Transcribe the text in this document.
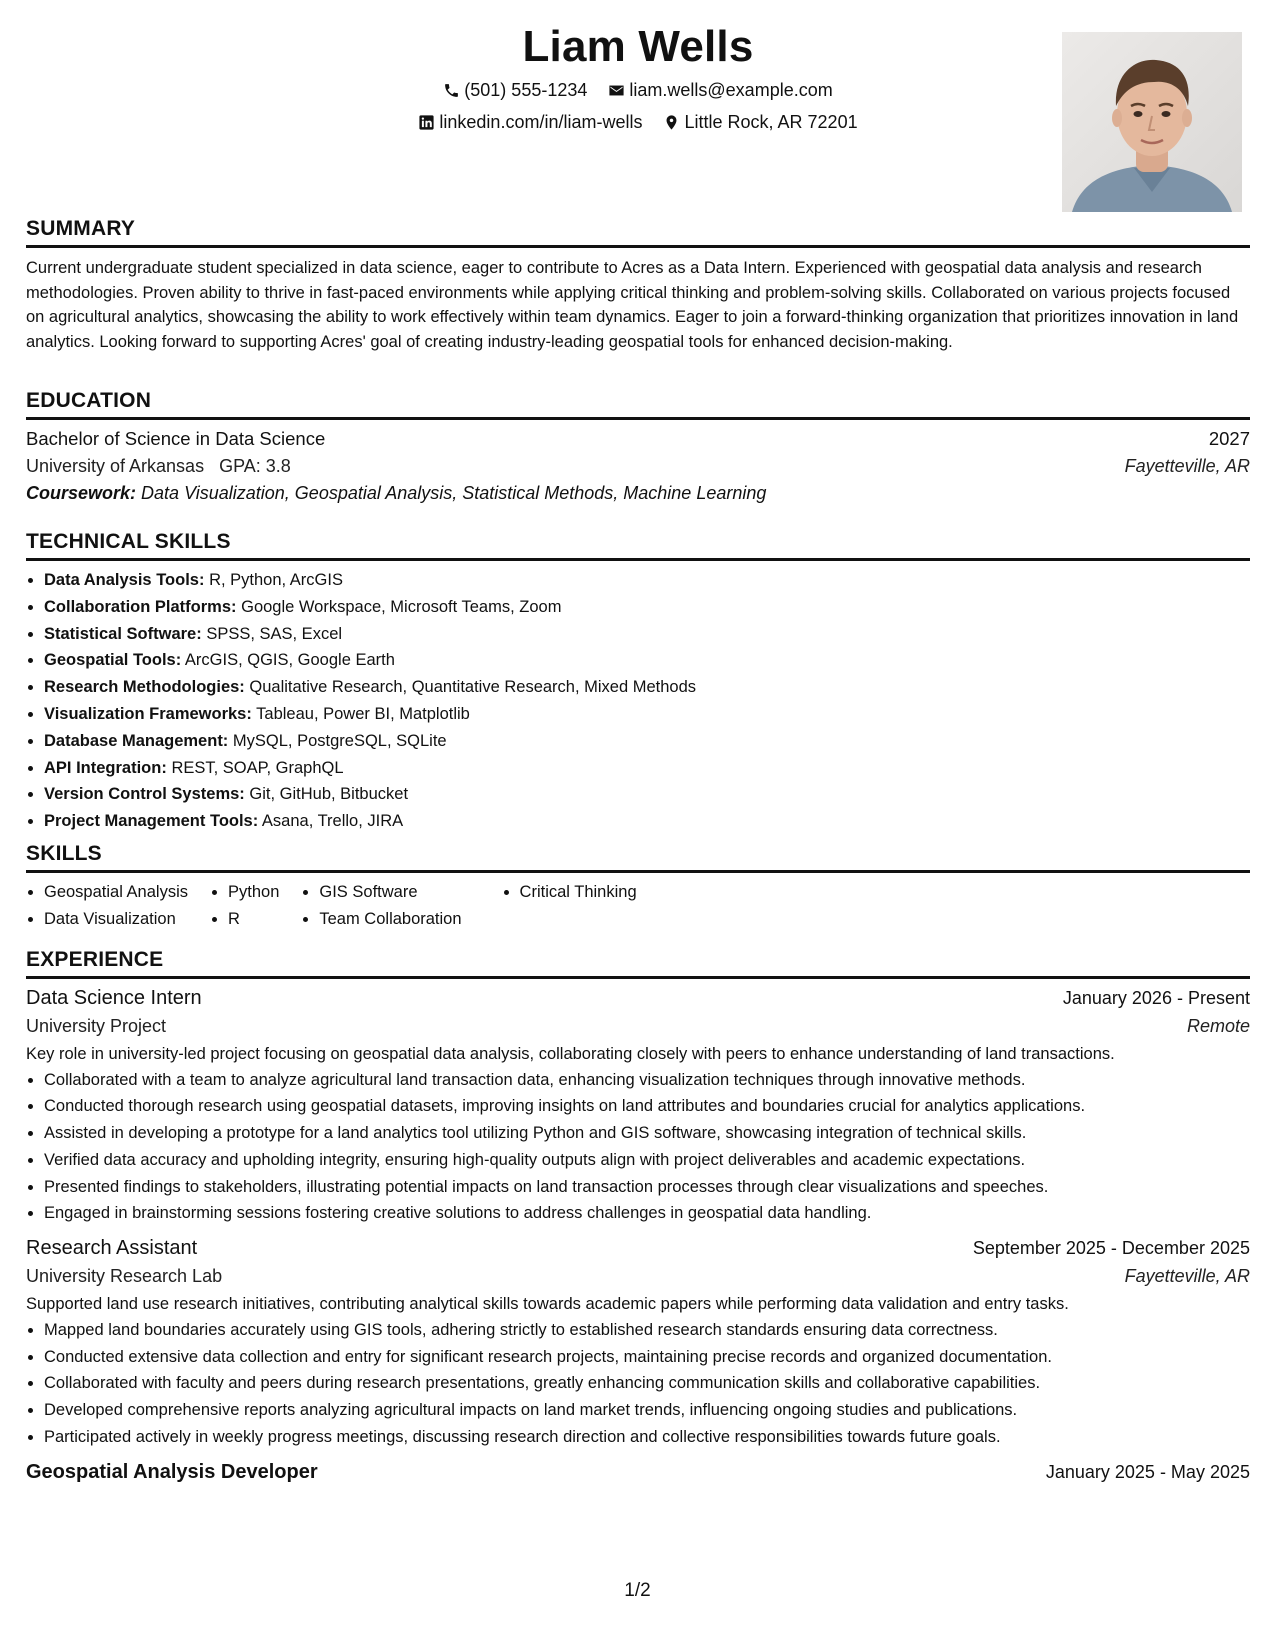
Liam Wells
(501) 555-1234
liam.wells@example.com
linkedin.com/in/liam-wells
Little Rock, AR 72201
SUMMARY

Current undergraduate student specialized in data science, eager to contribute to Acres as a Data Intern. Experienced with geospatial data analysis and research methodologies. Proven ability to thrive in fast-paced environments while applying critical thinking and problem-solving skills. Collaborated on various projects focused on agricultural analytics, showcasing the ability to work effectively within team dynamics. Eager to join a forward-thinking organization that prioritizes innovation in land analytics. Looking forward to supporting Acres' goal of creating industry-leading geospatial tools for enhanced decision-making.

EDUCATION
Bachelor of Science in Data Science	2027
University of Arkansas GPA: 3.8	Fayetteville, AR
Coursework: Data Visualization, Geospatial Analysis, Statistical Methods, Machine Learning
TECHNICAL SKILLS
• Data Analysis Tools: R, Python, ArcGIS
• Collaboration Platforms: Google Workspace, Microsoft Teams, Zoom
• Statistical Software: SPSS, SAS, Excel
• Geospatial Tools: ArcGIS, QGIS, Google Earth
• Research Methodologies: Qualitative Research, Quantitative Research, Mixed Methods
• Visualization Frameworks: Tableau, Power BI, Matplotlib
• Database Management: MySQL, PostgreSQL, SQLite
• API Integration: REST, SOAP, GraphQL
• Version Control Systems: Git, GitHub, Bitbucket
• Project Management Tools: Asana, Trello, JIRA
SKILLS
• Geospatial Analysis
• Data Visualization
• Python
• R
• GIS Software
• Team Collaboration
• Critical Thinking
EXPERIENCE
Data Science Intern	January 2026 - Present
University Project	Remote
Key role in university-led project focusing on geospatial data analysis, collaborating closely with peers to enhance understanding of land transactions.
• Collaborated with a team to analyze agricultural land transaction data, enhancing visualization techniques through innovative methods.
• Conducted thorough research using geospatial datasets, improving insights on land attributes and boundaries crucial for analytics applications.
• Assisted in developing a prototype for a land analytics tool utilizing Python and GIS software, showcasing integration of technical skills.
• Verified data accuracy and upholding integrity, ensuring high-quality outputs align with project deliverables and academic expectations.
• Presented findings to stakeholders, illustrating potential impacts on land transaction processes through clear visualizations and speeches.
• Engaged in brainstorming sessions fostering creative solutions to address challenges in geospatial data handling.
Research Assistant	September 2025 - December 2025
University Research Lab	Fayetteville, AR
Supported land use research initiatives, contributing analytical skills towards academic papers while performing data validation and entry tasks.
• Mapped land boundaries accurately using GIS tools, adhering strictly to established research standards ensuring data correctness.
• Conducted extensive data collection and entry for significant research projects, maintaining precise records and organized documentation.
• Collaborated with faculty and peers during research presentations, greatly enhancing communication skills and collaborative capabilities.
• Developed comprehensive reports analyzing agricultural impacts on land market trends, influencing ongoing studies and publications.
• Participated actively in weekly progress meetings, discussing research direction and collective responsibilities towards future goals.
Geospatial Analysis Developer	January 2025 - May 2025
1/2
